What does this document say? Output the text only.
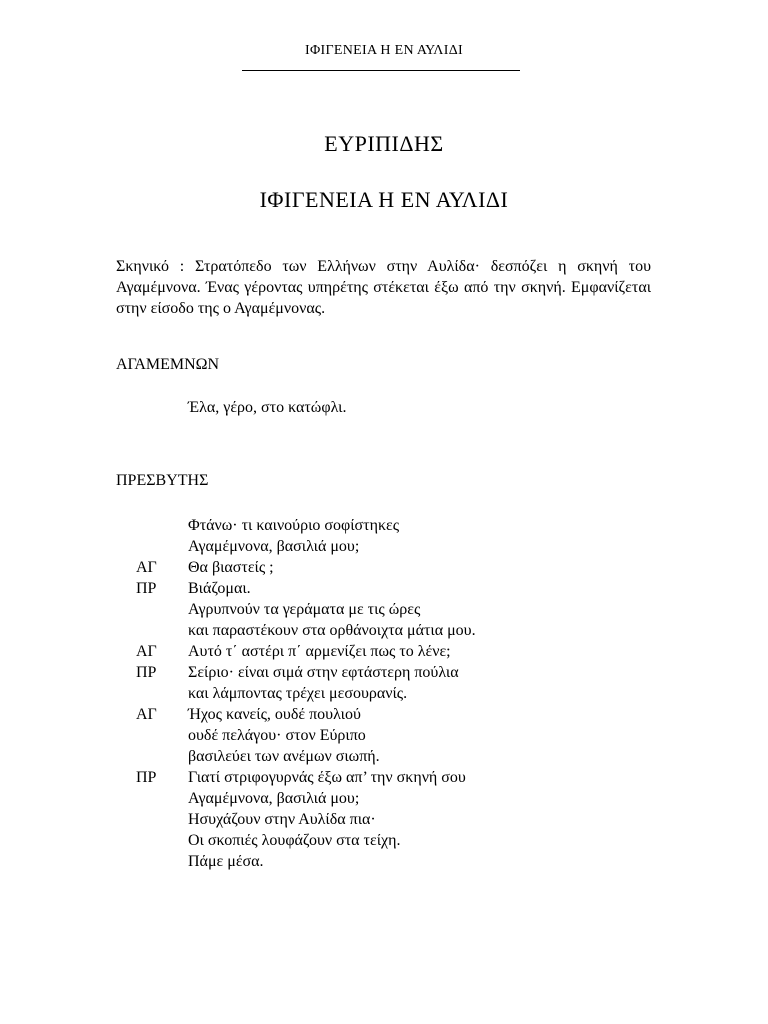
ΙΦΙΓΕΝΕΙΑ Η ΕΝ ΑΥΛΙΔΙ
ΕΥΡΙΠΙΔΗΣ
ΙΦΙΓΕΝΕΙΑ Η ΕΝ ΑΥΛΙΔΙ
Σκηνικό : Στρατόπεδο των Ελλήνων στην Αυλίδα· δεσπόζει η σκηνή του Αγαμέμνονα. Ένας γέροντας υπηρέτης στέκεται έξω από την σκηνή. Εμφανίζεται στην είσοδο της ο Αγαμέμνονας.
ΑΓΑΜΕΜΝΩΝ
Έλα, γέρο, στο κατώφλι.
ΠΡΕΣΒΥΤΗΣ
Φτάνω· τι καινούριο σοφίστηκες
Αγαμέμνονα, βασιλιά μου;
ΑΓ	Θα βιαστείς ;
ΠΡ	Βιάζομαι.
Αγρυπνούν τα γεράματα με τις ώρες
και παραστέκουν στα ορθάνοιχτα μάτια μου.
ΑΓ	Αυτό τ΄ αστέρι π΄ αρμενίζει πως το λένε;
ΠΡ	Σείριο· είναι σιμά στην εφτάστερη πούλια
και λάμποντας τρέχει μεσουρανίς.
ΑΓ	Ήχος κανείς, ουδέ πουλιού
ουδέ πελάγου· στον Εύριπο
βασιλεύει των ανέμων σιωπή.
ΠΡ	Γιατί στριφογυρνάς έξω απ’ την σκηνή σου
Αγαμέμνονα, βασιλιά μου;
Ησυχάζουν στην Αυλίδα πια·
Οι σκοπιές λουφάζουν στα τείχη.
Πάμε μέσα.
